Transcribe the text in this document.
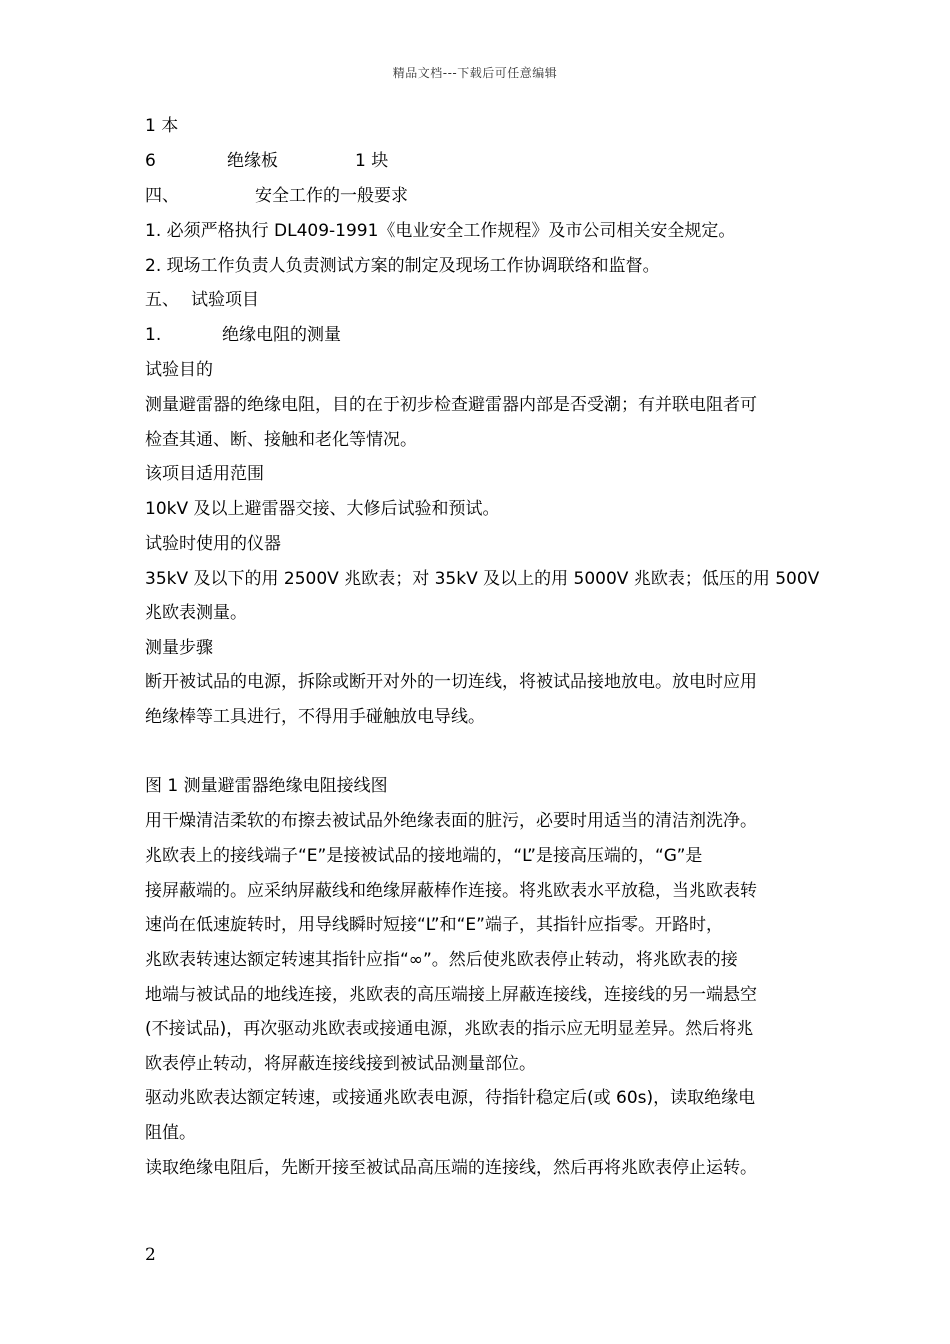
精品文档---下载后可任意编辑
1 本
6	绝缘板	1 块
四、	安全工作的一般要求
1. 必须严格执行 DL409-1991《电业安全工作规程》及市公司相关安全规定。
2. 现场工作负责人负责测试方案的制定及现场工作协调联络和监督。
五、 试验项目
1.	绝缘电阻的测量
试验目的
测量避雷器的绝缘电阻，目的在于初步检查避雷器内部是否受潮；有并联电阻者可
检查其通、断、接触和老化等情况。
该项目适用范围
10kV 及以上避雷器交接、大修后试验和预试。
试验时使用的仪器
35kV 及以下的用 2500V 兆欧表；对 35kV 及以上的用 5000V 兆欧表；低压的用 500V
兆欧表测量。
测量步骤
断开被试品的电源，拆除或断开对外的一切连线，将被试品接地放电。放电时应用
绝缘棒等工具进行，不得用手碰触放电导线。
图 1 测量避雷器绝缘电阻接线图
用干燥清洁柔软的布擦去被试品外绝缘表面的脏污，必要时用适当的清洁剂洗净。
兆欧表上的接线端子“E”是接被试品的接地端的，“L”是接高压端的，“G”是
接屏蔽端的。应采纳屏蔽线和绝缘屏蔽棒作连接。将兆欧表水平放稳，当兆欧表转
速尚在低速旋转时，用导线瞬时短接“L”和“E”端子，其指针应指零。开路时，
兆欧表转速达额定转速其指针应指“∞”。然后使兆欧表停止转动，将兆欧表的接
地端与被试品的地线连接，兆欧表的高压端接上屏蔽连接线，连接线的另一端悬空
(不接试品)，再次驱动兆欧表或接通电源，兆欧表的指示应无明显差异。然后将兆
欧表停止转动，将屏蔽连接线接到被试品测量部位。
驱动兆欧表达额定转速，或接通兆欧表电源，待指针稳定后(或 60s)，读取绝缘电
阻值。
读取绝缘电阻后，先断开接至被试品高压端的连接线，然后再将兆欧表停止运转。
2
